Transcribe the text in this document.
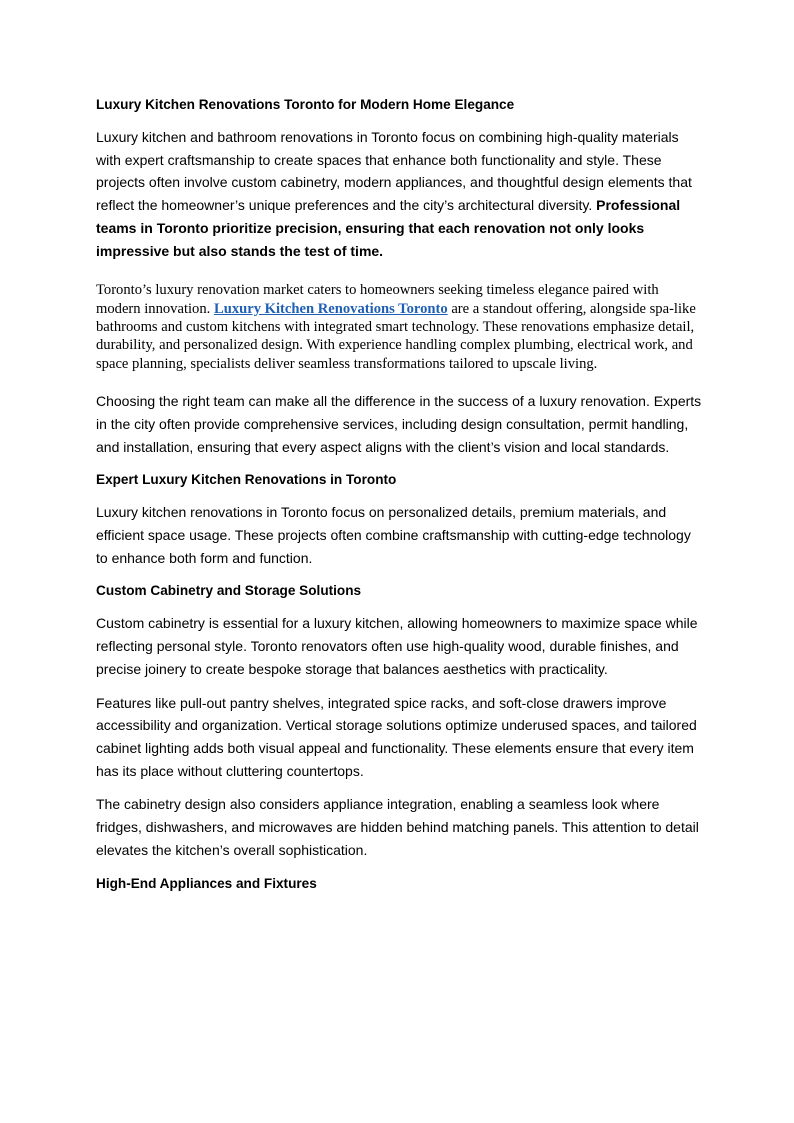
Luxury Kitchen Renovations Toronto for Modern Home Elegance

Luxury kitchen and bathroom renovations in Toronto focus on combining high-quality materials with expert craftsmanship to create spaces that enhance both functionality and style. These projects often involve custom cabinetry, modern appliances, and thoughtful design elements that reflect the homeowner’s unique preferences and the city’s architectural diversity. Professional teams in Toronto prioritize precision, ensuring that each renovation not only looks impressive but also stands the test of time.

Toronto’s luxury renovation market caters to homeowners seeking timeless elegance paired with modern innovation. Luxury Kitchen Renovations Toronto are a standout offering, alongside spa-like bathrooms and custom kitchens with integrated smart technology. These renovations emphasize detail, durability, and personalized design. With experience handling complex plumbing, electrical work, and space planning, specialists deliver seamless transformations tailored to upscale living.

Choosing the right team can make all the difference in the success of a luxury renovation. Experts in the city often provide comprehensive services, including design consultation, permit handling, and installation, ensuring that every aspect aligns with the client’s vision and local standards.

Expert Luxury Kitchen Renovations in Toronto

Luxury kitchen renovations in Toronto focus on personalized details, premium materials, and efficient space usage. These projects often combine craftsmanship with cutting-edge technology to enhance both form and function.

Custom Cabinetry and Storage Solutions

Custom cabinetry is essential for a luxury kitchen, allowing homeowners to maximize space while reflecting personal style. Toronto renovators often use high-quality wood, durable finishes, and precise joinery to create bespoke storage that balances aesthetics with practicality.

Features like pull-out pantry shelves, integrated spice racks, and soft-close drawers improve accessibility and organization. Vertical storage solutions optimize underused spaces, and tailored cabinet lighting adds both visual appeal and functionality. These elements ensure that every item has its place without cluttering countertops.

The cabinetry design also considers appliance integration, enabling a seamless look where fridges, dishwashers, and microwaves are hidden behind matching panels. This attention to detail elevates the kitchen’s overall sophistication.

High-End Appliances and Fixtures
